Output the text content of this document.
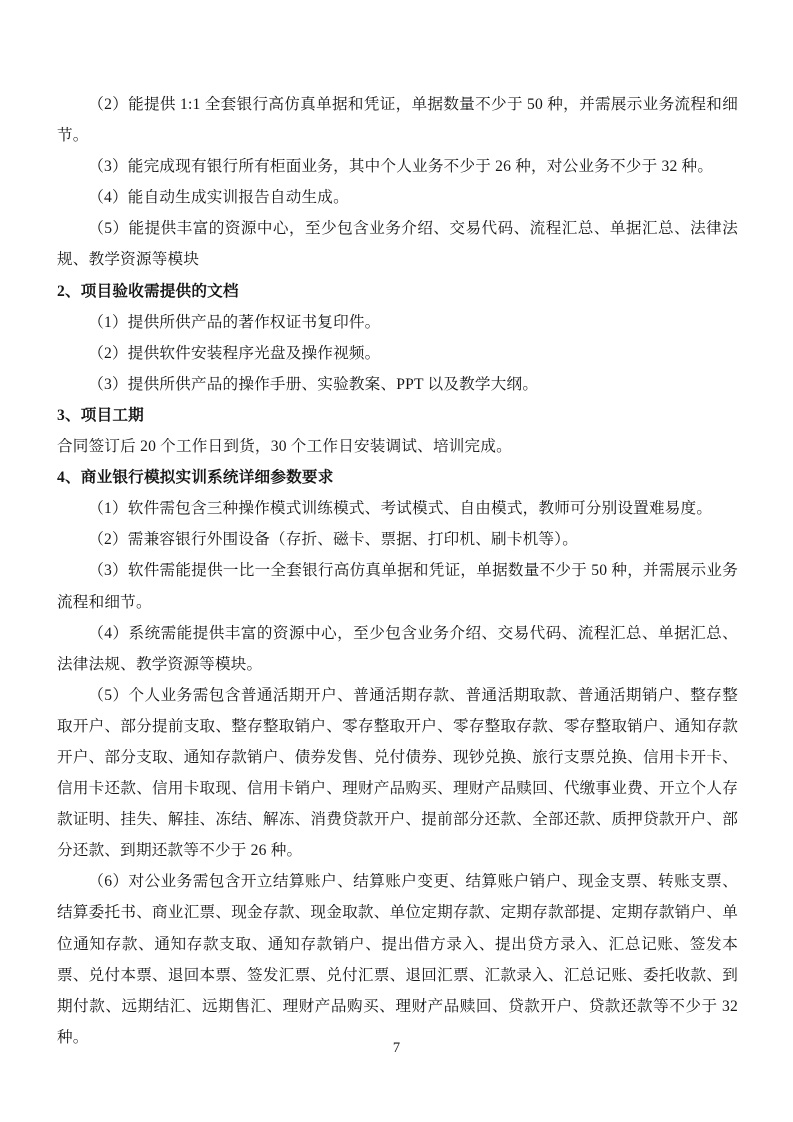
（2）能提供 1:1 全套银行高仿真单据和凭证，单据数量不少于 50 种，并需展示业务流程和细节。

（3）能完成现有银行所有柜面业务，其中个人业务不少于 26 种，对公业务不少于 32 种。

（4）能自动生成实训报告自动生成。

（5）能提供丰富的资源中心，至少包含业务介绍、交易代码、流程汇总、单据汇总、法律法规、教学资源等模块

2、项目验收需提供的文档

（1）提供所供产品的著作权证书复印件。

（2）提供软件安装程序光盘及操作视频。

（3）提供所供产品的操作手册、实验教案、PPT 以及教学大纲。

3、项目工期

合同签订后 20 个工作日到货，30 个工作日安装调试、培训完成。

4、商业银行模拟实训系统详细参数要求

（1）软件需包含三种操作模式训练模式、考试模式、自由模式，教师可分别设置难易度。

（2）需兼容银行外围设备（存折、磁卡、票据、打印机、刷卡机等）。

（3）软件需能提供一比一全套银行高仿真单据和凭证，单据数量不少于 50 种，并需展示业务流程和细节。

（4）系统需能提供丰富的资源中心，至少包含业务介绍、交易代码、流程汇总、单据汇总、法律法规、教学资源等模块。

（5）个人业务需包含普通活期开户、普通活期存款、普通活期取款、普通活期销户、整存整取开户、部分提前支取、整存整取销户、零存整取开户、零存整取存款、零存整取销户、通知存款开户、部分支取、通知存款销户、债券发售、兑付债券、现钞兑换、旅行支票兑换、信用卡开卡、信用卡还款、信用卡取现、信用卡销户、理财产品购买、理财产品赎回、代缴事业费、开立个人存款证明、挂失、解挂、冻结、解冻、消费贷款开户、提前部分还款、全部还款、质押贷款开户、部分还款、到期还款等不少于 26 种。

（6）对公业务需包含开立结算账户、结算账户变更、结算账户销户、现金支票、转账支票、结算委托书、商业汇票、现金存款、现金取款、单位定期存款、定期存款部提、定期存款销户、单位通知存款、通知存款支取、通知存款销户、提出借方录入、提出贷方录入、汇总记账、签发本票、兑付本票、退回本票、签发汇票、兑付汇票、退回汇票、汇款录入、汇总记账、委托收款、到期付款、远期结汇、远期售汇、理财产品购买、理财产品赎回、贷款开户、贷款还款等不少于 32 种。

7
